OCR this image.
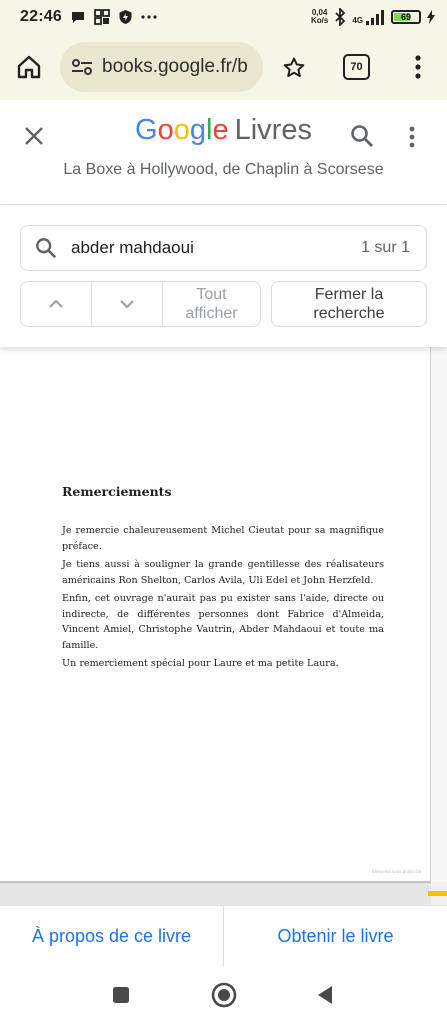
22:46	0,04
Ko/s	4G	69
books.google.fr/b	70
Google Livres
La Boxe à Hollywood, de Chaplin à Scorsese
abder mahdaoui	1 sur 1
Tout
afficher
Fermer la
recherche
Remerciements

Je remercie chaleureusement Michel Cieutat pour sa magnifique préface.

Je tiens aussi à souligner la grande gentillesse des réalisateurs américains Ron Shelton, Carlos Avila, Uli Edel et John Herzfeld.

Enfin, cet ouvrage n'aurait pas pu exister sans l'aide, directe ou indirecte, de différentes personnes dont Fabrice d'Almeida, Vincent Amiel, Christophe Vautrin, Abder Mahdaoui et toute ma famille.

Un remerciement spécial pour Laure et ma petite Laura.

Éléments sous droits d'a
À propos de ce livre	Obtenir le livre
